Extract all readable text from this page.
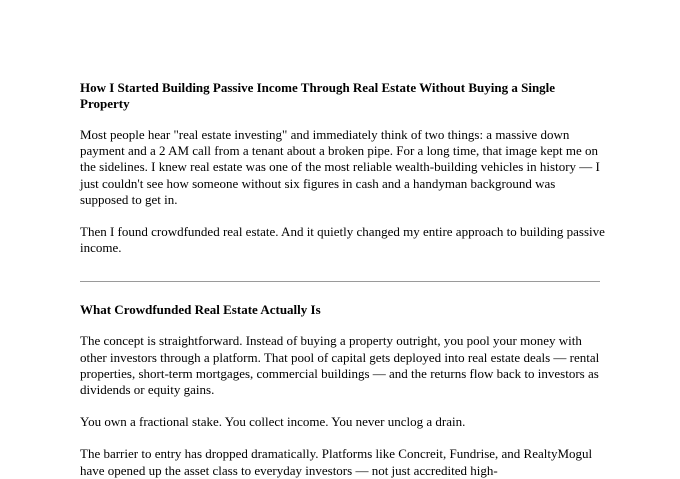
How I Started Building Passive Income Through Real Estate Without Buying a Single Property

Most people hear "real estate investing" and immediately think of two things: a massive down payment and a 2 AM call from a tenant about a broken pipe. For a long time, that image kept me on the sidelines. I knew real estate was one of the most reliable wealth-building vehicles in history — I just couldn't see how someone without six figures in cash and a handyman background was supposed to get in.

Then I found crowdfunded real estate. And it quietly changed my entire approach to building passive income.

What Crowdfunded Real Estate Actually Is

The concept is straightforward. Instead of buying a property outright, you pool your money with other investors through a platform. That pool of capital gets deployed into real estate deals — rental properties, short-term mortgages, commercial buildings — and the returns flow back to investors as dividends or equity gains.

You own a fractional stake. You collect income. You never unclog a drain.

The barrier to entry has dropped dramatically. Platforms like Concreit, Fundrise, and RealtyMogul have opened up the asset class to everyday investors — not just accredited high-
